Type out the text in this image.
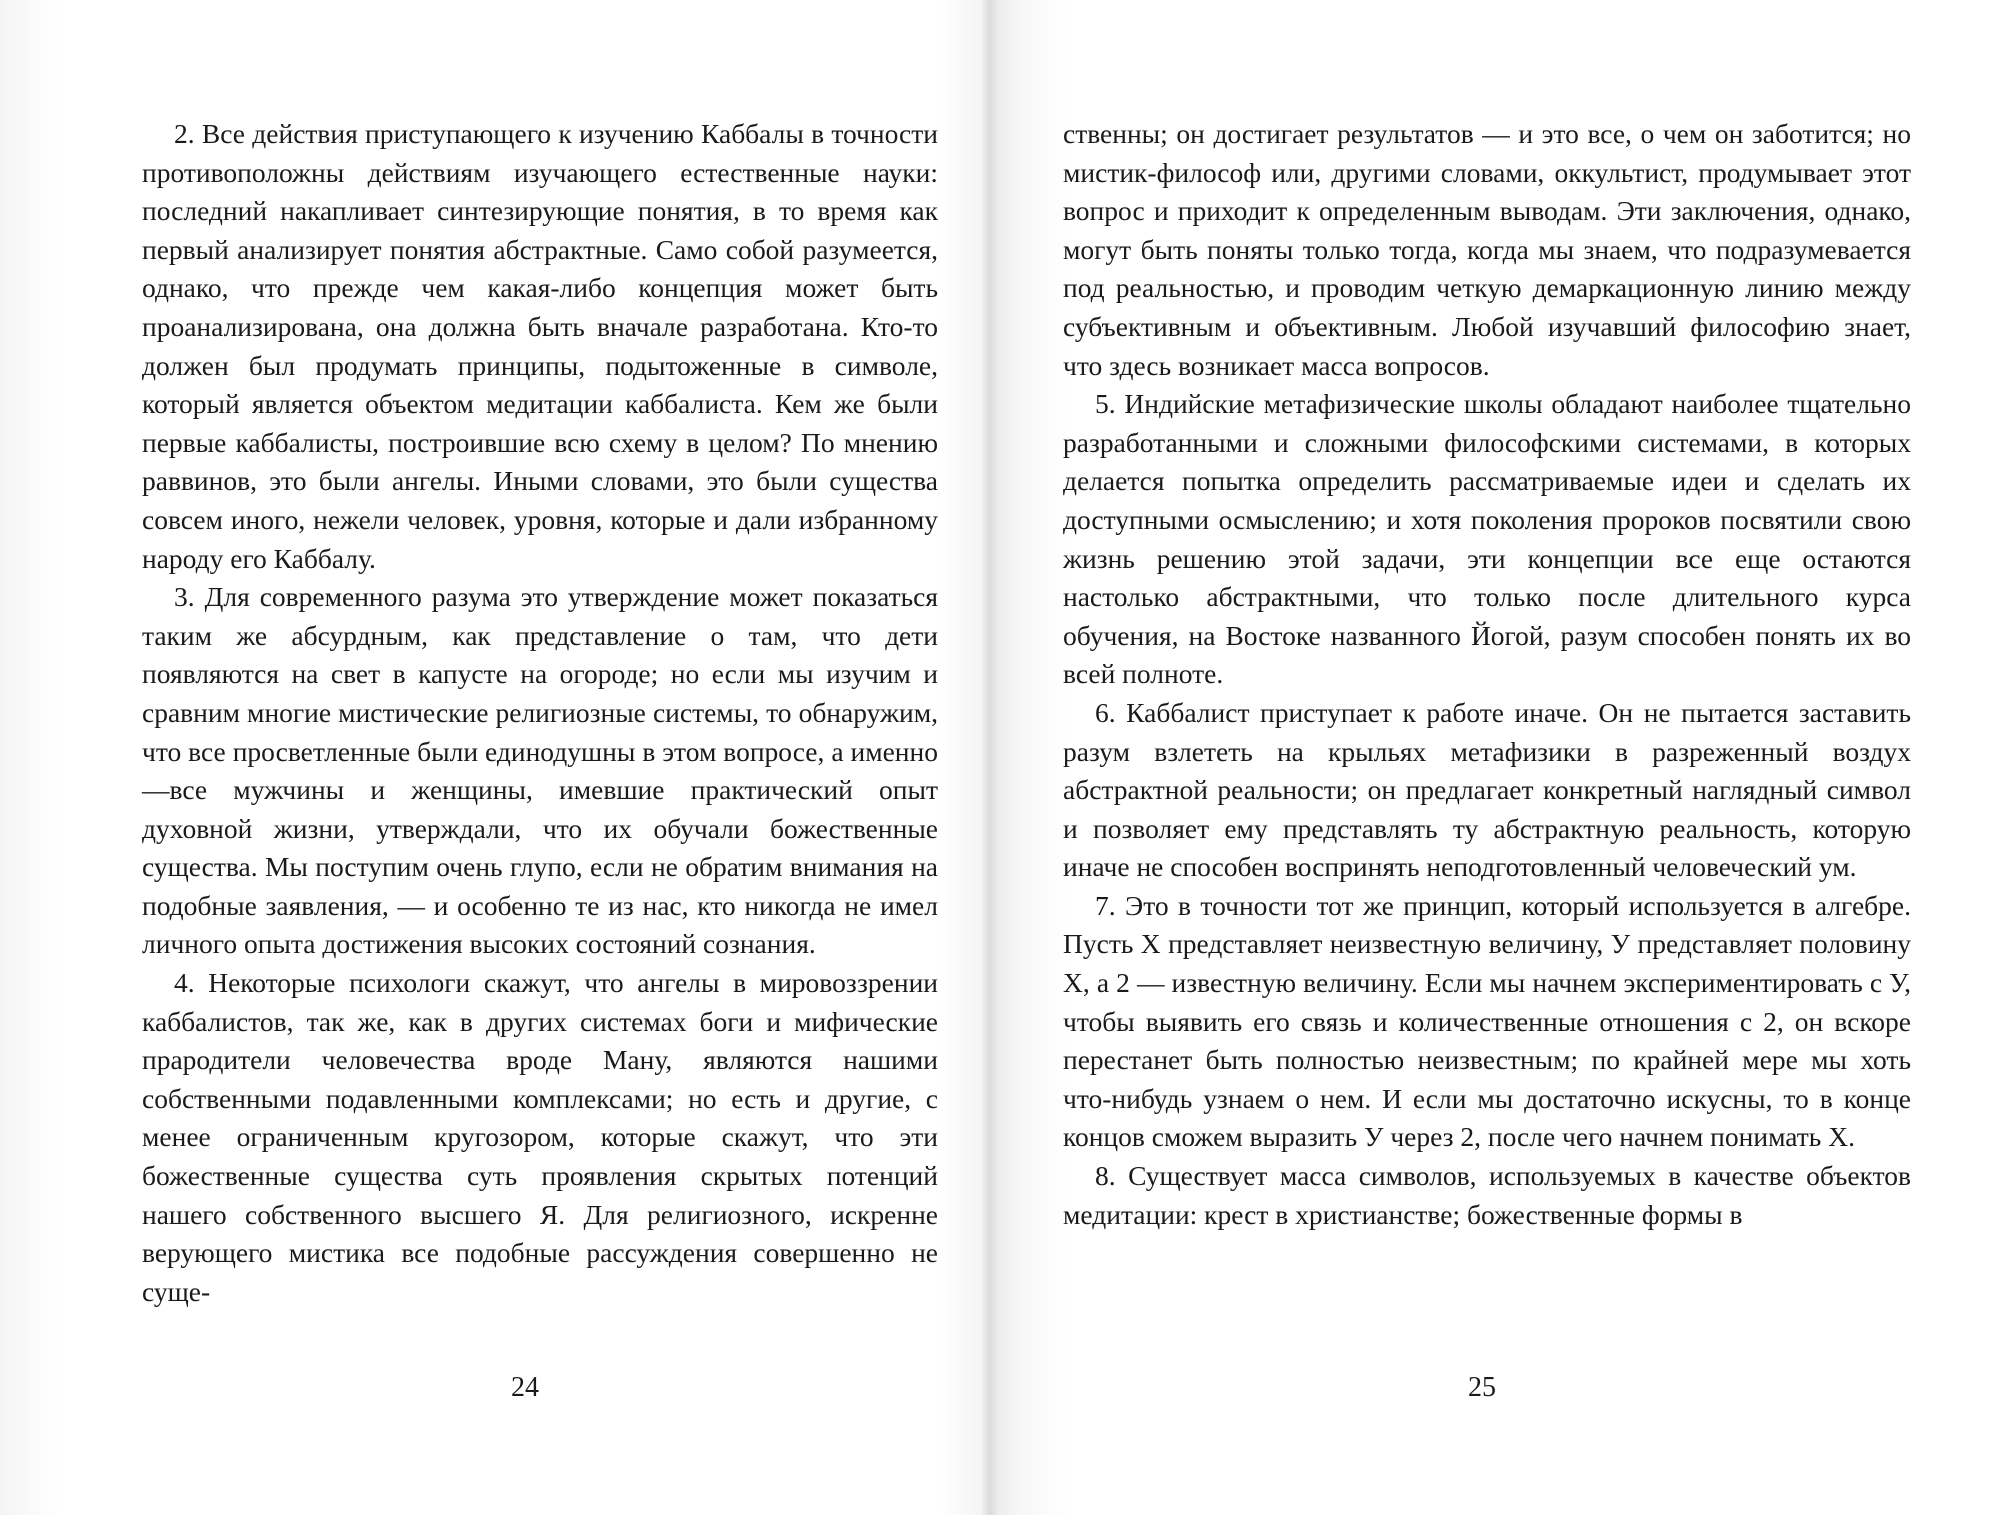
2. Все действия приступающего к изучению Каббалы в точности противоположны действиям изучающего естественные науки: последний накапливает синтезирующие понятия, в то время как первый анализирует понятия абстрактные. Само собой разумеется, однако, что прежде чем какая-либо концепция может быть проанализирована, она должна быть вначале разработана. Кто-то должен был продумать принципы, подытоженные в символе, который является объектом медитации каббалиста. Кем же были первые каббалисты, построившие всю схему в целом? По мнению раввинов, это были ангелы. Иными словами, это были существа совсем иного, нежели человек, уровня, которые и дали избранному народу его Каббалу.

3. Для современного разума это утверждение может показаться таким же абсурдным, как представление о там, что дети появляются на свет в капусте на огороде; но если мы изучим и сравним многие мистические религиозные системы, то обнаружим, что все просветленные были единодушны в этом вопросе, а именно —все мужчины и женщины, имевшие практический опыт духовной жизни, утверждали, что их обучали божественные существа. Мы поступим очень глупо, если не обратим внимания на подобные заявления, — и особенно те из нас, кто никогда не имел личного опыта достижения высоких состояний сознания.

4. Некоторые психологи скажут, что ангелы в мировоззрении каббалистов, так же, как в других системах боги и мифические прародители человечества вроде Ману, являются нашими собственными подавленными комплексами; но есть и другие, с менее ограниченным кругозором, которые скажут, что эти божественные существа суть проявления скрытых потенций нашего собственного высшего Я. Для религиозного, искренне верующего мистика все подобные рассуждения совершенно не суще-

24

ственны; он достигает результатов — и это все, о чем он заботится; но мистик-философ или, другими словами, оккультист, продумывает этот вопрос и приходит к определенным выводам. Эти заключения, однако, могут быть поняты только тогда, когда мы знаем, что подразумевается под реальностью, и проводим четкую демаркационную линию между субъективным и объективным. Любой изучавший философию знает, что здесь возникает масса вопросов.

5. Индийские метафизические школы обладают наиболее тщательно разработанными и сложными философскими системами, в которых делается попытка определить рассматриваемые идеи и сделать их доступными осмыслению; и хотя поколения пророков посвятили свою жизнь решению этой задачи, эти концепции все еще остаются настолько абстрактными, что только после длительного курса обучения, на Востоке названного Йогой, разум способен понять их во всей полноте.

6. Каббалист приступает к работе иначе. Он не пытается заставить разум взлететь на крыльях метафизики в разреженный воздух абстрактной реальности; он предлагает конкретный наглядный символ и позволяет ему представлять ту абстрактную реальность, которую иначе не способен воспринять неподготовленный человеческий ум.

7. Это в точности тот же принцип, который используется в алгебре. Пусть X представляет неизвестную величину, У представляет половину X, а 2 — известную величину. Если мы начнем экспериментировать с У, чтобы выявить его связь и количественные отношения с 2, он вскоре перестанет быть полностью неизвестным; по крайней мере мы хоть что-нибудь узнаем о нем. И если мы достаточно искусны, то в конце концов сможем выразить У через 2, после чего начнем понимать X.

8. Существует масса символов, используемых в качестве объектов медитации: крест в христианстве; божественные формы в

25
